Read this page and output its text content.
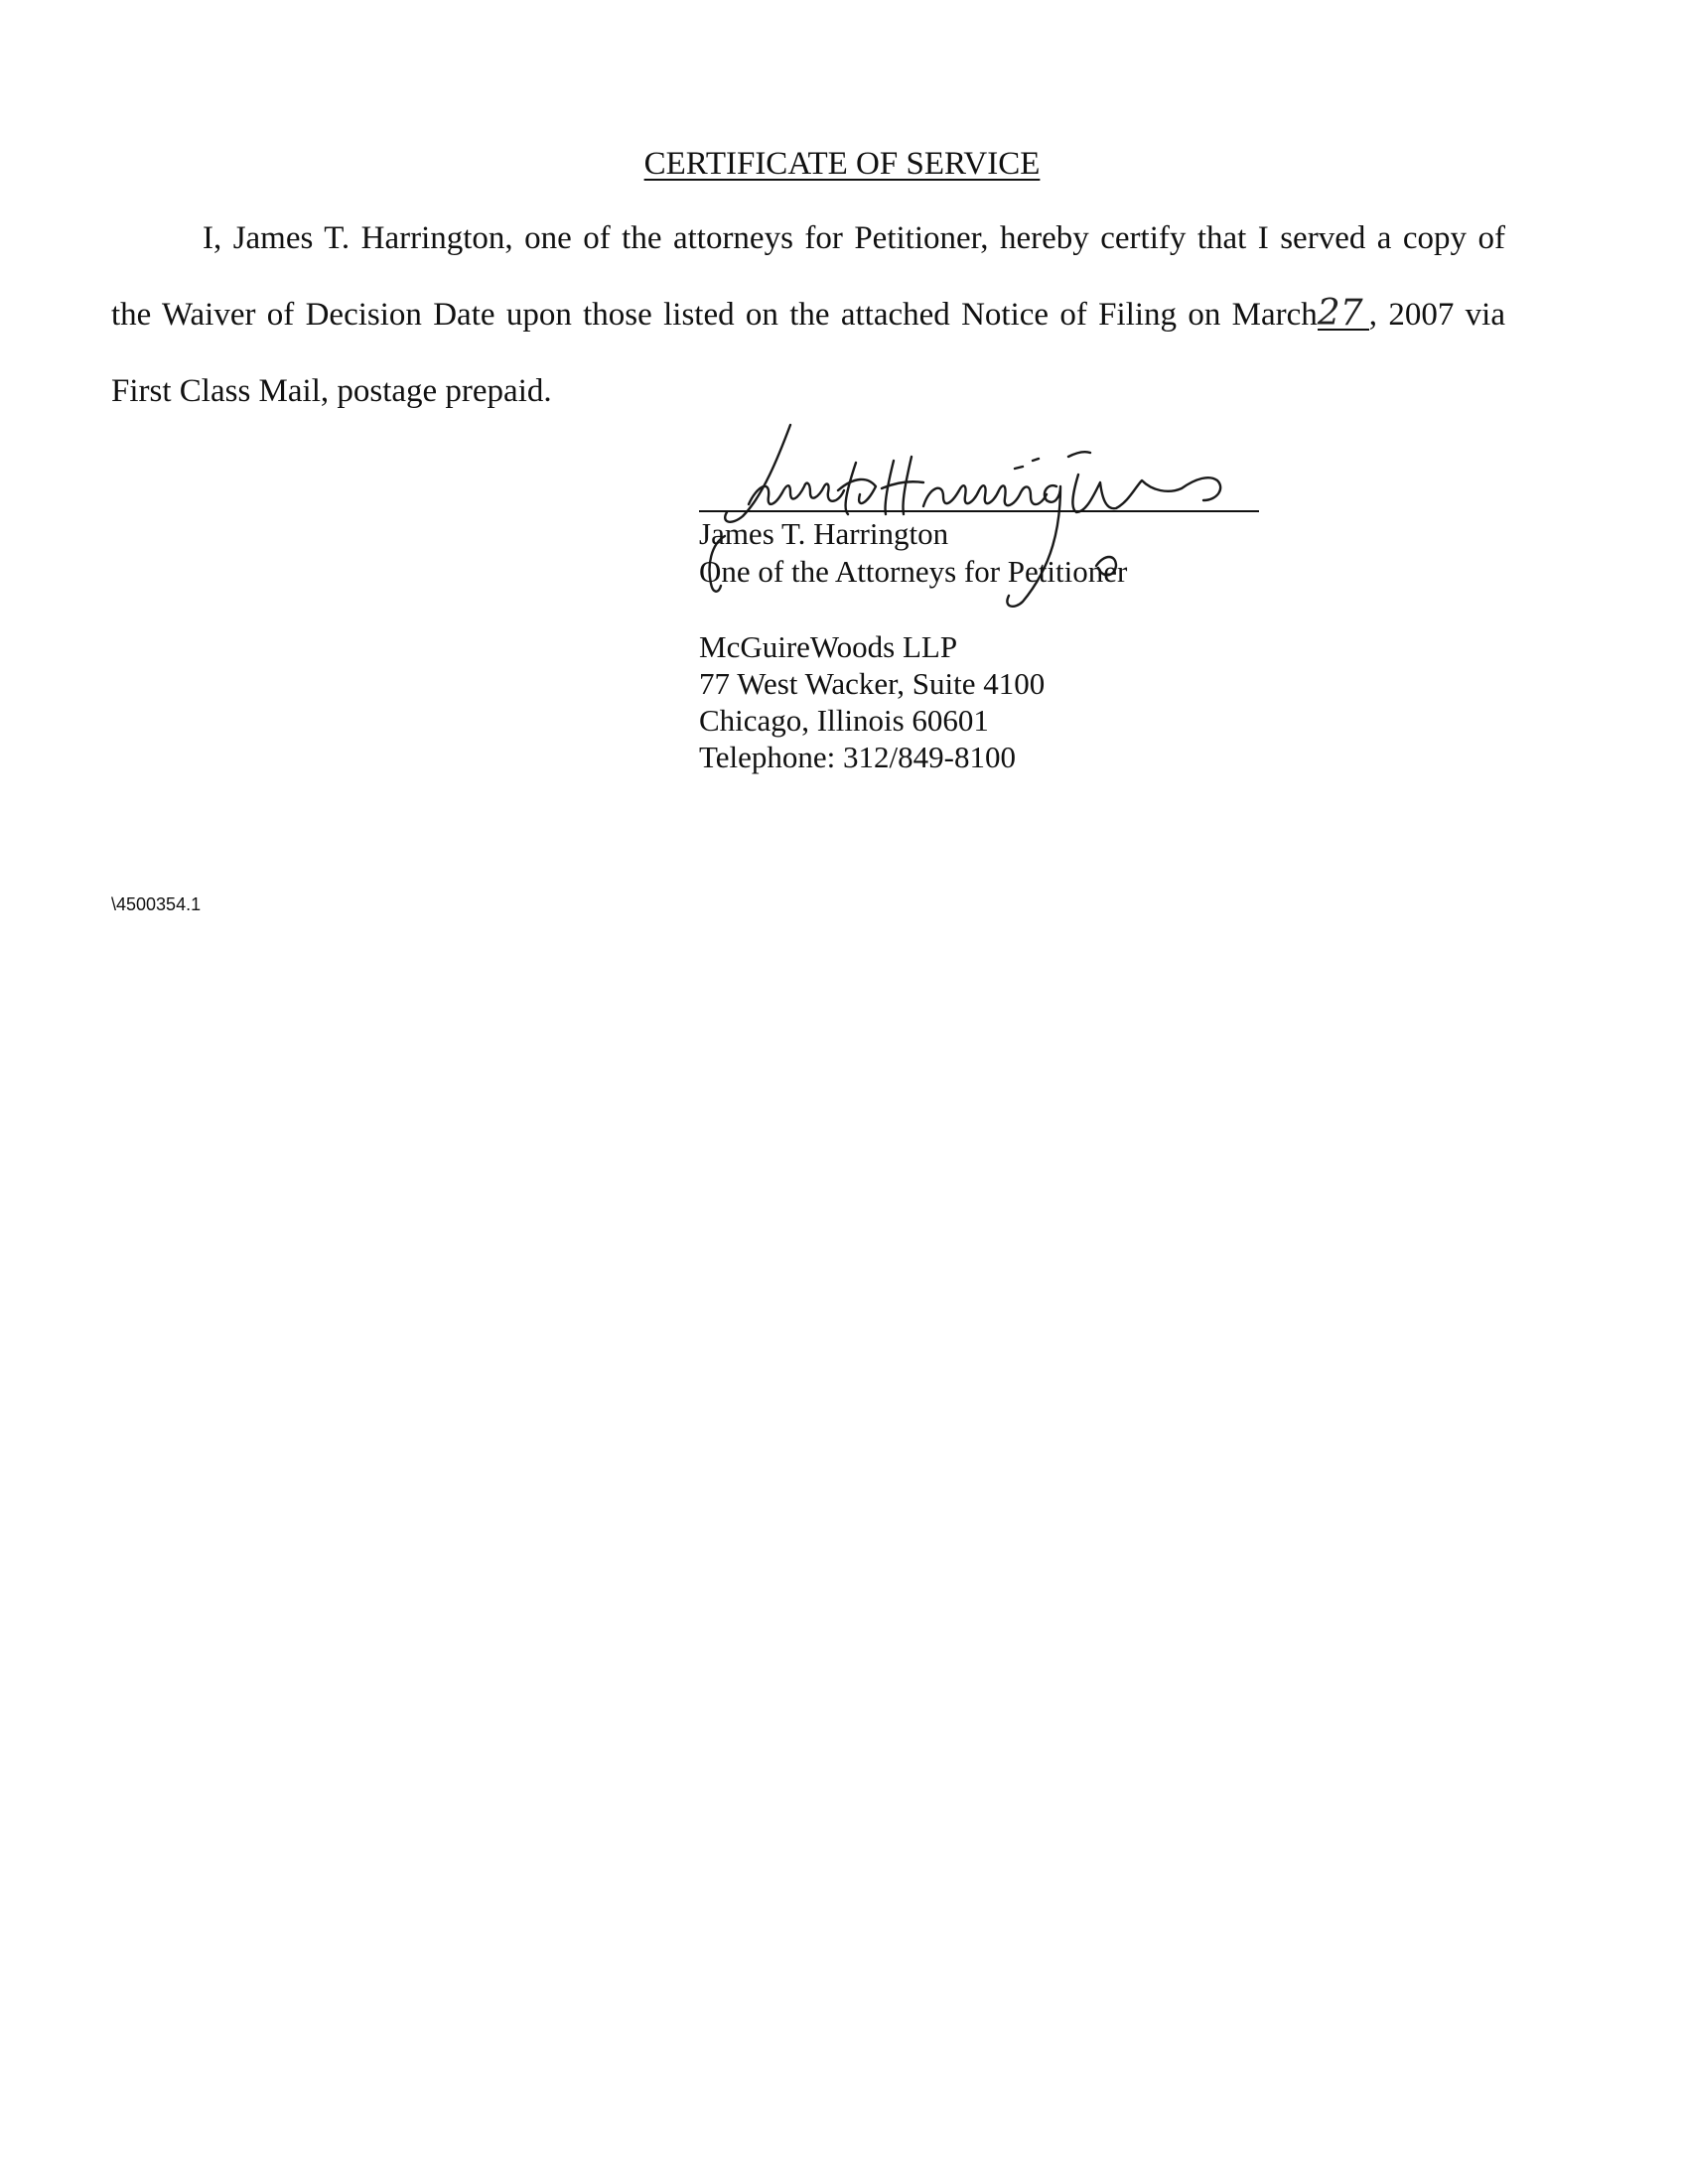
CERTIFICATE OF SERVICE
I, James T. Harrington, one of the attorneys for Petitioner, hereby certify that I served a copy of
the Waiver of Decision Date upon those listed on the attached Notice of Filing on March27 , 2007 via
First Class Mail, postage prepaid.
James T. Harrington
One of the Attorneys for Petitioner
McGuireWoods LLP
77 West Wacker, Suite 4100
Chicago, Illinois 60601
Telephone: 312/849-8100
\4500354.1
